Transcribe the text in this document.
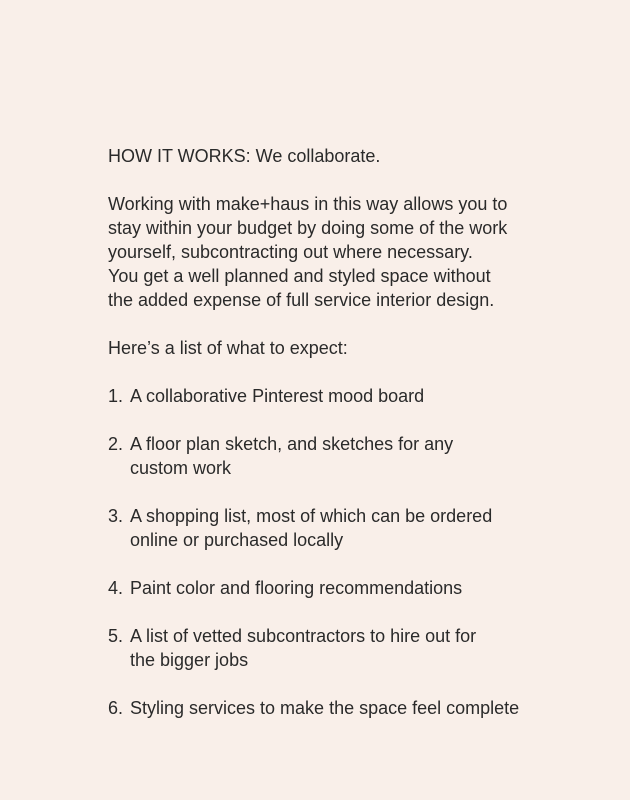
HOW IT WORKS: We collaborate.

Working with make+haus in this way allows you to
stay within your budget by doing some of the work
yourself, subcontracting out where necessary.
You get a well planned and styled space without
the added expense of full service interior design.

Here’s a list of what to expect:

1. A collaborative Pinterest mood board
2. A floor plan sketch, and sketches for any
custom work
3. A shopping list, most of which can be ordered
online or purchased locally
4. Paint color and flooring recommendations
5. A list of vetted subcontractors to hire out for
the bigger jobs
6. Styling services to make the space feel complete
